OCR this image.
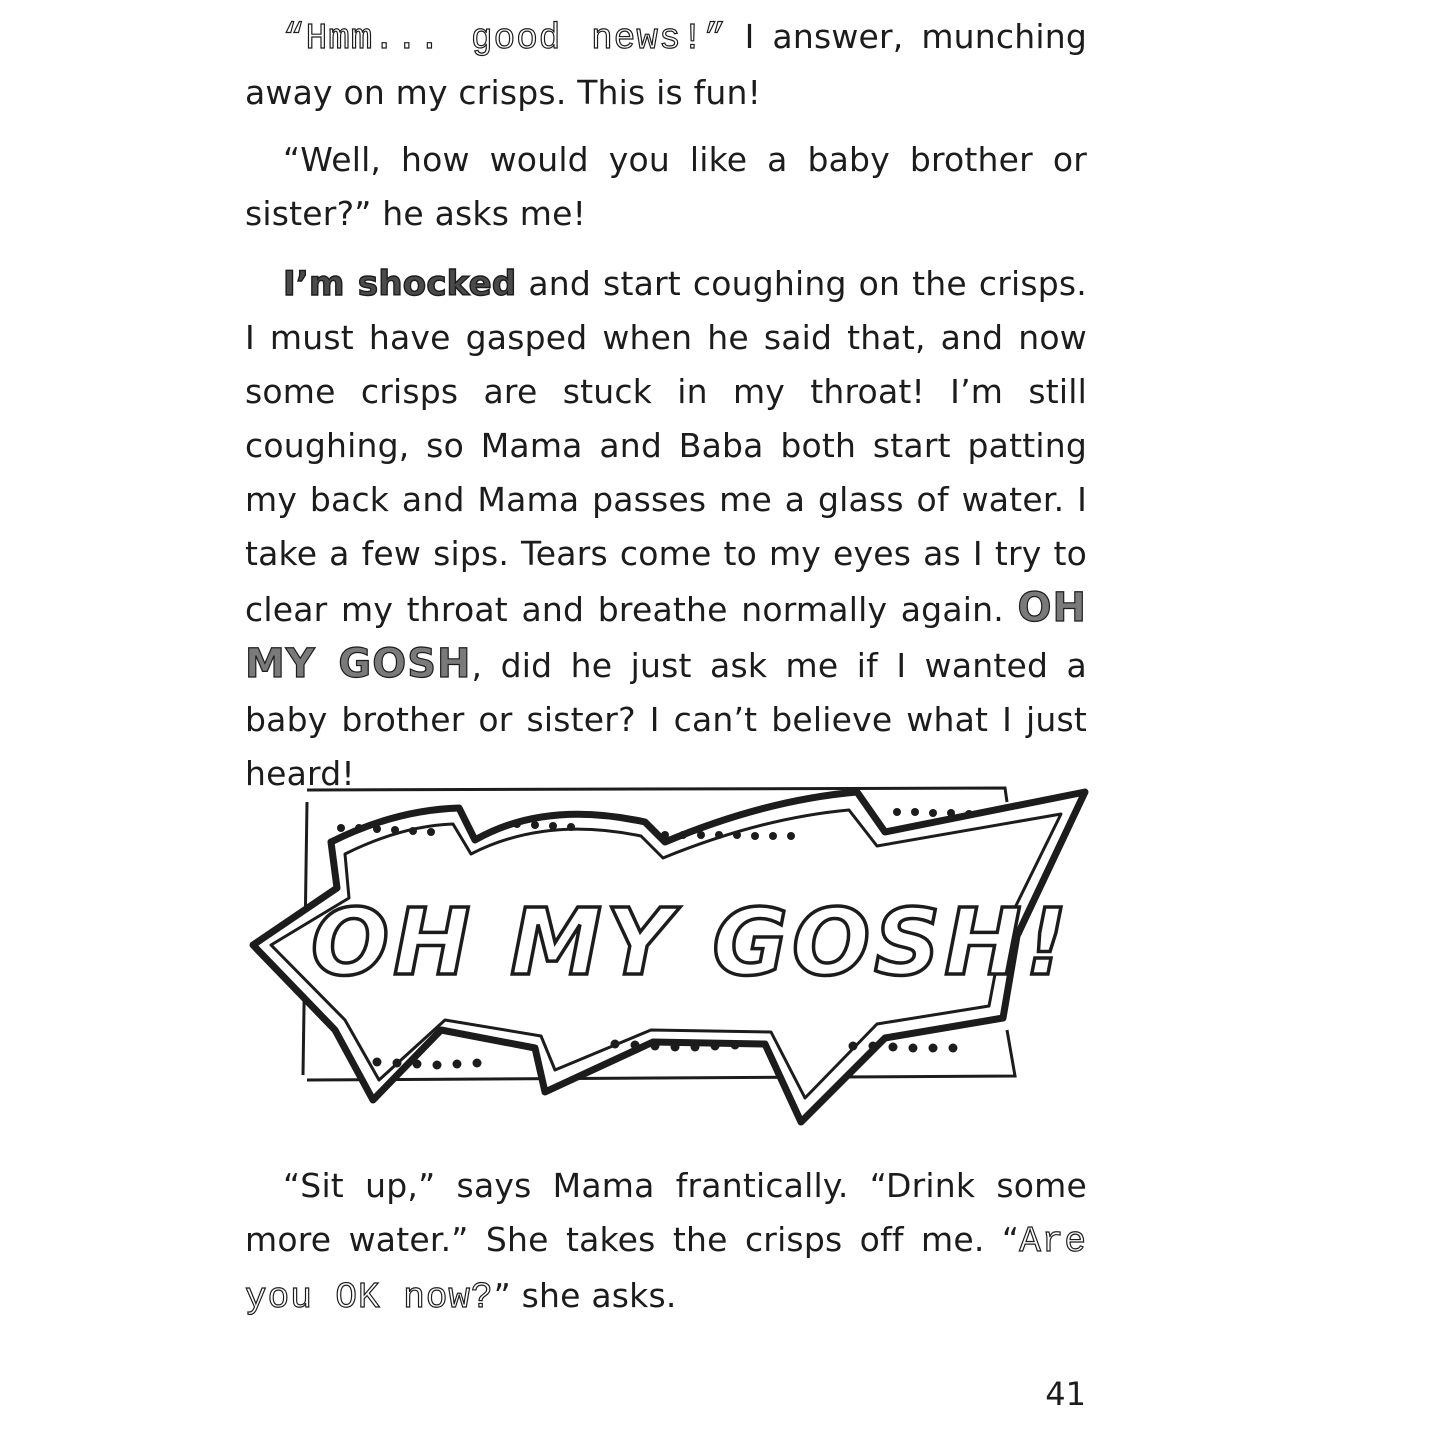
“Hmm... good news!” I answer, munching away on my crisps. This is fun!

“Well, how would you like a baby brother or sister?” he asks me!

I’m shocked and start coughing on the crisps. I must have gasped when he said that, and now some crisps are stuck in my throat! I’m still coughing, so Mama and Baba both start patting my back and Mama passes me a glass of water. I take a few sips. Tears come to my eyes as I try to clear my throat and breathe normally again. OH MY GOSH, did he just ask me if I wanted a baby brother or sister? I can’t believe what I just heard!

OH MY GOSH!

“Sit up,” says Mama frantically. “Drink some more water.” She takes the crisps off me. “Are you OK now?” she asks.

41
